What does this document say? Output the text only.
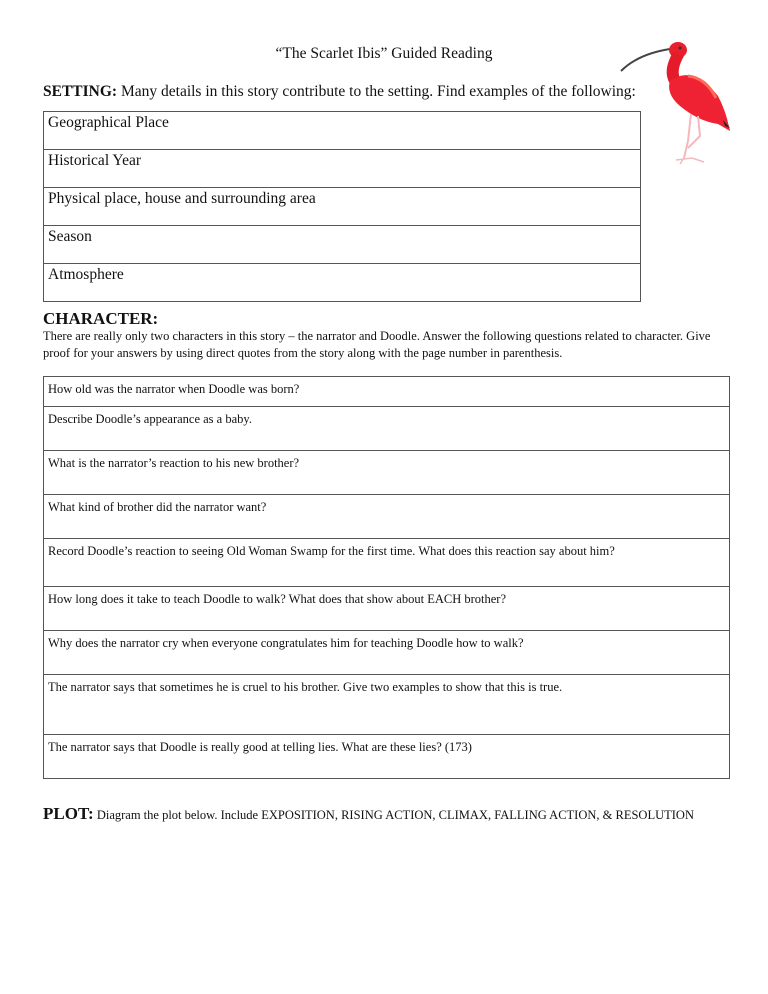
“The Scarlet Ibis” Guided Reading
SETTING: Many details in this story contribute to the setting. Find examples of the following:
Geographical Place
Historical Year
Physical place, house and surrounding area
Season
Atmosphere
CHARACTER:
There are really only two characters in this story – the narrator and Doodle. Answer the following questions related to character. Give proof for your answers by using direct quotes from the story along with the page number in parenthesis.
How old was the narrator when Doodle was born?
Describe Doodle’s appearance as a baby.
What is the narrator’s reaction to his new brother?
What kind of brother did the narrator want?
Record Doodle’s reaction to seeing Old Woman Swamp for the first time. What does this reaction say about him?
How long does it take to teach Doodle to walk? What does that show about EACH brother?
Why does the narrator cry when everyone congratulates him for teaching Doodle how to walk?
The narrator says that sometimes he is cruel to his brother. Give two examples to show that this is true.
The narrator says that Doodle is really good at telling lies. What are these lies? (173)
PLOT: Diagram the plot below. Include EXPOSITION, RISING ACTION, CLIMAX, FALLING ACTION, & RESOLUTION
